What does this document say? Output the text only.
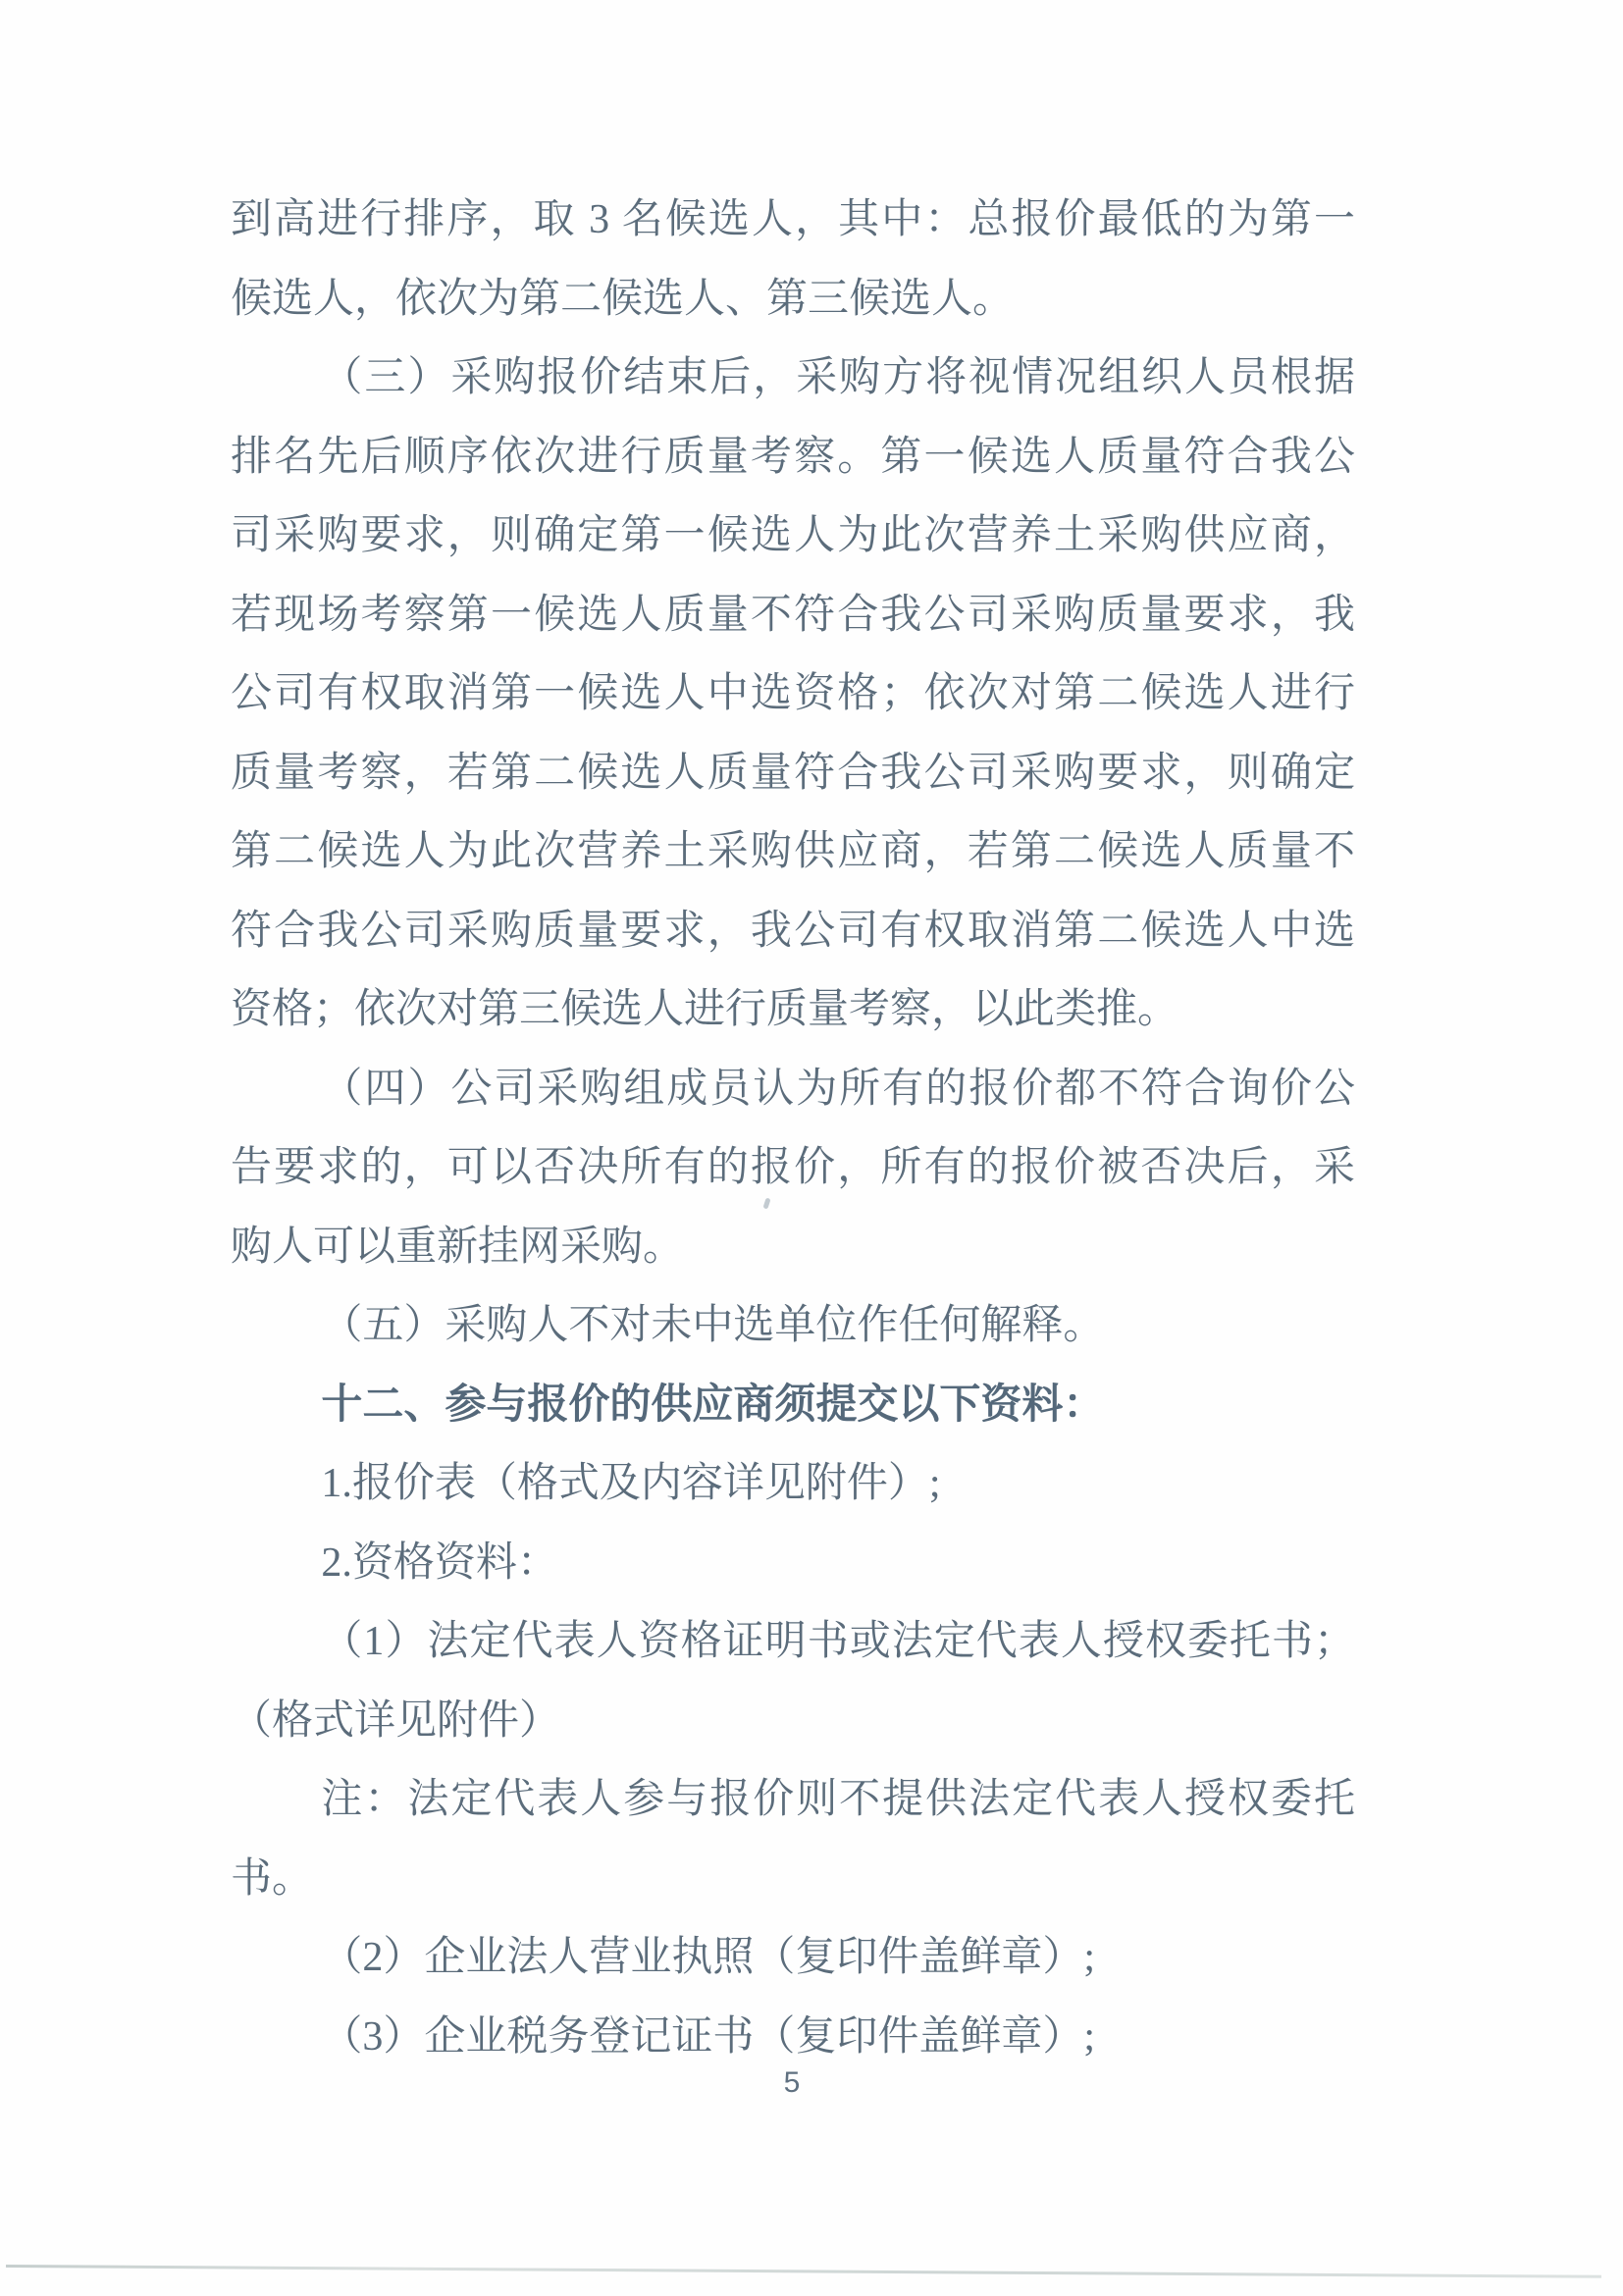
到高进行排序，取 3 名候选人，其中：总报价最低的为第一
候选人，依次为第二候选人、第三候选人。
（三）采购报价结束后，采购方将视情况组织人员根据
排名先后顺序依次进行质量考察。第一候选人质量符合我公
司采购要求，则确定第一候选人为此次营养土采购供应商，
若现场考察第一候选人质量不符合我公司采购质量要求，我
公司有权取消第一候选人中选资格；依次对第二候选人进行
质量考察，若第二候选人质量符合我公司采购要求，则确定
第二候选人为此次营养土采购供应商，若第二候选人质量不
符合我公司采购质量要求，我公司有权取消第二候选人中选
资格；依次对第三候选人进行质量考察，以此类推。
（四）公司采购组成员认为所有的报价都不符合询价公
告要求的，可以否决所有的报价，所有的报价被否决后，采
购人可以重新挂网采购。
（五）采购人不对未中选单位作任何解释。
十二、参与报价的供应商须提交以下资料：
1.报价表（格式及内容详见附件）;
2.资格资料：
（1）法定代表人资格证明书或法定代表人授权委托书；
（格式详见附件）
注：法定代表人参与报价则不提供法定代表人授权委托
书。
（2）企业法人营业执照（复印件盖鲜章）;
（3）企业税务登记证书（复印件盖鲜章）;
5
